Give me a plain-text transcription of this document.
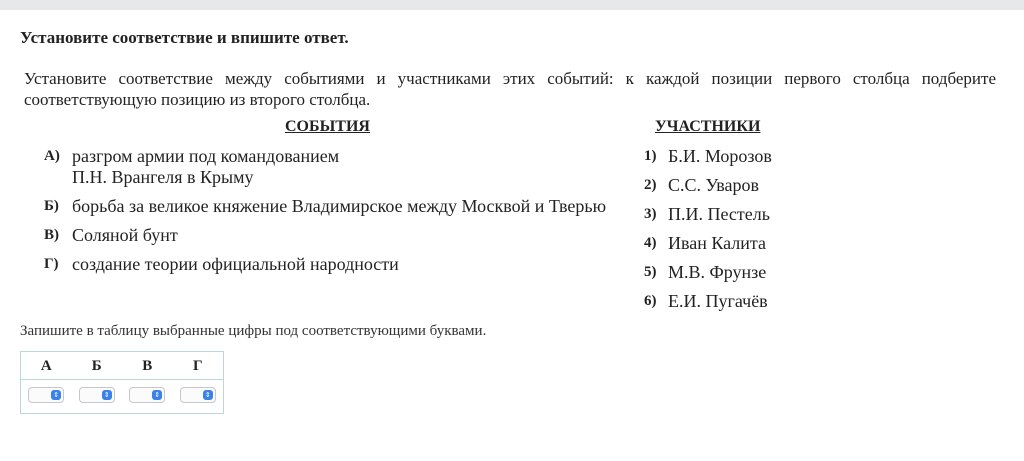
Установите соответствие и впишите ответ.
Установите соответствие между событиями и участниками этих событий: к каждой позиции первого столбца подберите соответствующую позицию из второго столбца.
СОБЫТИЯ	УЧАСТНИКИ
А) разгром армии под командованием
П.Н. Врангеля в Крыму
Б) борьба за великое княжение Владимирское между Москвой и Тверью
В) Соляной бунт
Г) создание теории официальной народности
1) Б.И. Морозов
2) С.С. Уваров
3) П.И. Пестель
4) Иван Калита
5) М.В. Фрунзе
6) Е.И. Пугачёв
Запишите в таблицу выбранные цифры под соответствующими буквами.
А
⇕
Б
⇕
В
⇕
Г
⇕
